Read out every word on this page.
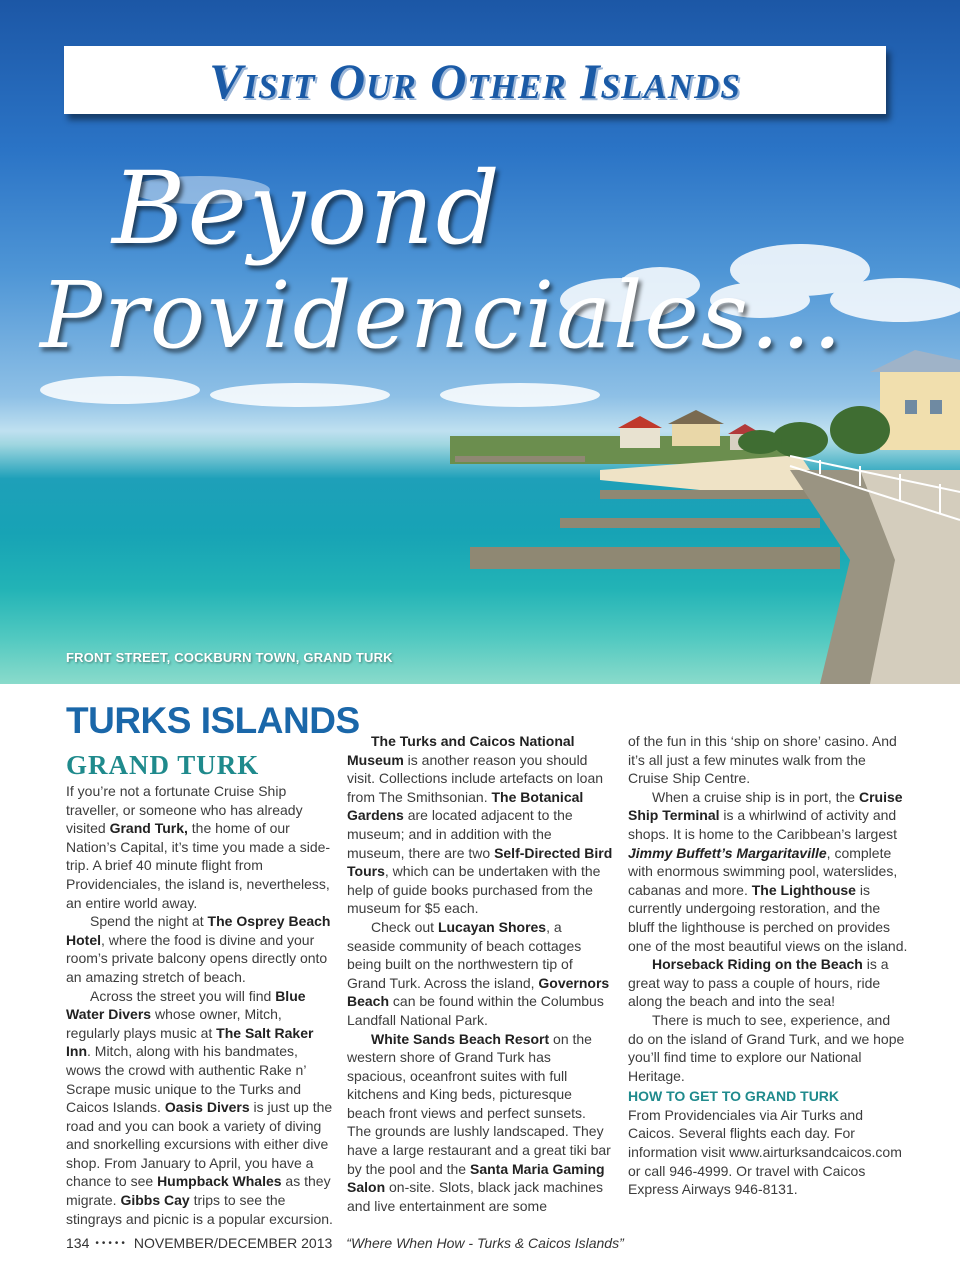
Visit Our Other Islands
Beyond
Providenciales...
FRONT STREET, COCKBURN TOWN, GRAND TURK
TURKS ISLANDS
GRAND TURK

If you’re not a fortunate Cruise Ship traveller, or someone who has already visited Grand Turk, the home of our Nation’s Capital, it’s time you made a side-trip. A brief 40 minute flight from Providenciales, the island is, nevertheless, an entire world away.

Spend the night at The Osprey Beach Hotel, where the food is divine and your room’s private balcony opens directly onto an amazing stretch of beach.

Across the street you will find Blue Water Divers whose owner, Mitch, regularly plays music at The Salt Raker Inn. Mitch, along with his bandmates, wows the crowd with authentic Rake n’ Scrape music unique to the Turks and Caicos Islands. Oasis Divers is just up the road and you can book a variety of diving and snorkelling excursions with either dive shop. From January to April, you have a chance to see Humpback Whales as they migrate. Gibbs Cay trips to see the stingrays and picnic is a popular excursion.

The Turks and Caicos National Museum is another reason you should visit. Collections include artefacts on loan from The Smithsonian. The Botanical Gardens are located adjacent to the museum; and in addition with the museum, there are two Self-Directed Bird Tours, which can be undertaken with the help of guide books purchased from the museum for $5 each.

Check out Lucayan Shores, a seaside community of beach cottages being built on the northwestern tip of Grand Turk. Across the island, Governors Beach can be found within the Columbus Landfall National Park.

White Sands Beach Resort on the western shore of Grand Turk has spacious, oceanfront suites with full kitchens and King beds, picturesque beach front views and perfect sunsets. The grounds are lushly landscaped. They have a large restaurant and a great tiki bar by the pool and the Santa Maria Gaming Salon on-site. Slots, black jack machines and live entertainment are some

of the fun in this ‘ship on shore’ casino. And it’s all just a few minutes walk from the Cruise Ship Centre.

When a cruise ship is in port, the Cruise Ship Terminal is a whirlwind of activity and shops. It is home to the Caribbean’s largest Jimmy Buffett’s Margaritaville, complete with enormous swimming pool, waterslides, cabanas and more. The Lighthouse is currently undergoing restoration, and the bluff the lighthouse is perched on provides one of the most beautiful views on the island.

Horseback Riding on the Beach is a great way to pass a couple of hours, ride along the beach and into the sea!

There is much to see, experience, and do on the island of Grand Turk, and we hope you’ll find time to explore our National Heritage.

HOW TO GET TO GRAND TURK

From Providenciales via Air Turks and Caicos. Several flights each day. For information visit www.airturksandcaicos.com or call 946-4999. Or travel with Caicos Express Airways 946-8131.

134 ••••• NOVEMBER/DECEMBER 2013 “Where When How - Turks & Caicos Islands”
